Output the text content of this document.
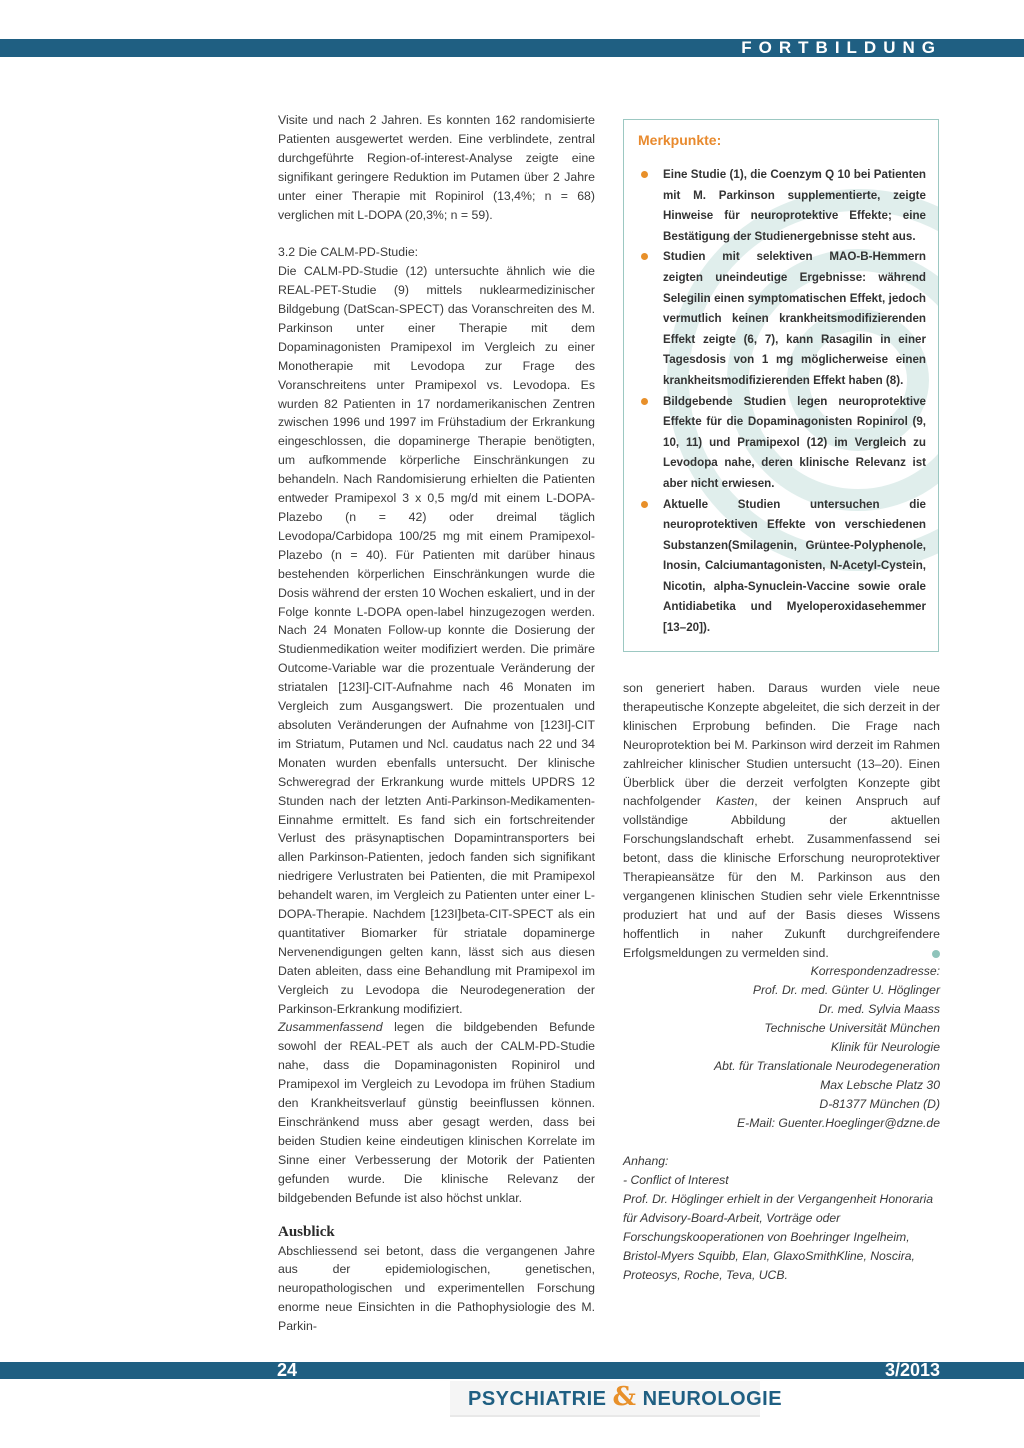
FORTBILDUNG

Visite und nach 2 Jahren. Es konnten 162 randomisierte Patienten ausgewertet werden. Eine verblindete, zentral durchgeführte Region-of-interest-Analyse zeigte eine signifikant geringere Reduktion im Putamen über 2 Jahre unter einer Therapie mit Ropinirol (13,4%; n = 68) verglichen mit L-DOPA (20,3%; n = 59).

3.2 Die CALM-PD-Studie:

Die CALM-PD-Studie (12) untersuchte ähnlich wie die REAL-PET-Studie (9) mittels nuklearmedizinischer Bildgebung (DatScan-SPECT) das Voranschreiten des M. Parkinson unter einer Therapie mit dem Dopaminagonisten Pramipexol im Vergleich zu einer Monotherapie mit Levodopa zur Frage des Voranschreitens unter Pramipexol vs. Levodopa. Es wurden 82 Patienten in 17 nordamerikanischen Zentren zwischen 1996 und 1997 im Frühstadium der Erkrankung eingeschlossen, die dopaminerge Therapie benötigten, um aufkommende körperliche Einschränkungen zu behandeln. Nach Randomisierung erhielten die Patienten entweder Pramipexol 3 x 0,5 mg/d mit einem L-DOPA-Plazebo (n = 42) oder dreimal täglich Levodopa/Carbidopa 100/25 mg mit einem Pramipexol-Plazebo (n = 40). Für Patienten mit darüber hinaus bestehenden körperlichen Einschränkungen wurde die Dosis während der ersten 10 Wochen eskaliert, und in der Folge konnte L-DOPA open-label hinzugezogen werden. Nach 24 Monaten Follow-up konnte die Dosierung der Studienmedikation weiter modifiziert werden. Die primäre Outcome-Variable war die prozentuale Veränderung der striatalen [123I]-CIT-Aufnahme nach 46 Monaten im Vergleich zum Ausgangswert. Die prozentualen und absoluten Veränderungen der Aufnahme von [123I]-CIT im Striatum, Putamen und Ncl. caudatus nach 22 und 34 Monaten wurden ebenfalls untersucht. Der klinische Schweregrad der Erkrankung wurde mittels UPDRS 12 Stunden nach der letzten Anti-Parkinson-Medikamenten-Einnahme ermittelt. Es fand sich ein fortschreitender Verlust des präsynaptischen Dopamintransporters bei allen Parkinson-Patienten, jedoch fanden sich signifikant niedrigere Verlustraten bei Patienten, die mit Pramipexol behandelt waren, im Vergleich zu Patienten unter einer L-DOPA-Therapie. Nachdem [123I]beta-CIT-SPECT als ein quantitativer Biomarker für striatale dopaminerge Nervenendigungen gelten kann, lässt sich aus diesen Daten ableiten, dass eine Behandlung mit Pramipexol im Vergleich zu Levodopa die Neurodegeneration der Parkinson-Erkrankung modifiziert.

Zusammenfassend legen die bildgebenden Befunde sowohl der REAL-PET als auch der CALM-PD-Studie nahe, dass die Dopaminagonisten Ropinirol und Pramipexol im Vergleich zu Levodopa im frühen Stadium den Krankheitsverlauf günstig beeinflussen können. Einschränkend muss aber gesagt werden, dass bei beiden Studien keine eindeutigen klinischen Korrelate im Sinne einer Verbesserung der Motorik der Patienten gefunden wurde. Die klinische Relevanz der bildgebenden Befunde ist also höchst unklar.

Ausblick

Abschliessend sei betont, dass die vergangenen Jahre aus der epidemiologischen, genetischen, neuropathologischen und experimentellen Forschung enorme neue Einsichten in die Pathophysiologie des M. Parkin-

Merkpunkte:
Eine Studie (1), die Coenzym Q 10 bei Patienten mit M. Parkinson supplementierte, zeigte Hinweise für neuroprotektive Effekte; eine Bestätigung der Studienergebnisse steht aus.
Studien mit selektiven MAO-B-Hemmern zeigten uneindeutige Ergebnisse: während Selegilin einen symptomatischen Effekt, jedoch vermutlich keinen krankheitsmodifizierenden Effekt zeigte (6, 7), kann Rasagilin in einer Tagesdosis von 1 mg möglicherweise einen krankheitsmodifizierenden Effekt haben (8).
Bildgebende Studien legen neuroprotektive Effekte für die Dopaminagonisten Ropinirol (9, 10, 11) und Pramipexol (12) im Vergleich zu Levodopa nahe, deren klinische Relevanz ist aber nicht erwiesen.
Aktuelle Studien untersuchen die neuroprotektiven Effekte von verschiedenen Substanzen(Smilagenin, Grüntee-Polyphenole, Inosin, Calciumantagonisten, N-Acetyl-Cystein, Nicotin, alpha-Synuclein-Vaccine sowie orale Antidiabetika und Myeloperoxidasehemmer [13–20]).

son generiert haben. Daraus wurden viele neue therapeutische Konzepte abgeleitet, die sich derzeit in der klinischen Erprobung befinden. Die Frage nach Neuroprotektion bei M. Parkinson wird derzeit im Rahmen zahlreicher klinischer Studien untersucht (13–20). Einen Überblick über die derzeit verfolgten Konzepte gibt nachfolgender Kasten, der keinen Anspruch auf vollständige Abbildung der aktuellen Forschungslandschaft erhebt. Zusammenfassend sei betont, dass die klinische Erforschung neuroprotektiver Therapieansätze für den M. Parkinson aus den vergangenen klinischen Studien sehr viele Erkenntnisse produziert hat und auf der Basis dieses Wissens hoffentlich in naher Zukunft durchgreifendere Erfolgsmeldungen zu vermelden sind.

Korrespondenzadresse:
Prof. Dr. med. Günter U. Höglinger
Dr. med. Sylvia Maass
Technische Universität München
Klinik für Neurologie
Abt. für Translationale Neurodegeneration
Max Lebsche Platz 30
D-81377 München (D)
E-Mail: Guenter.Hoeglinger@dzne.de
Anhang:
- Conflict of Interest
Prof. Dr. Höglinger erhielt in der Vergangenheit Honoraria für Advisory-Board-Arbeit, Vorträge oder Forschungskooperationen von Boehringer Ingelheim, Bristol-Myers Squibb, Elan, GlaxoSmithKline, Noscira, Proteosys, Roche, Teva, UCB.
24	3/2013
PSYCHIATRIE & NEUROLOGIE
